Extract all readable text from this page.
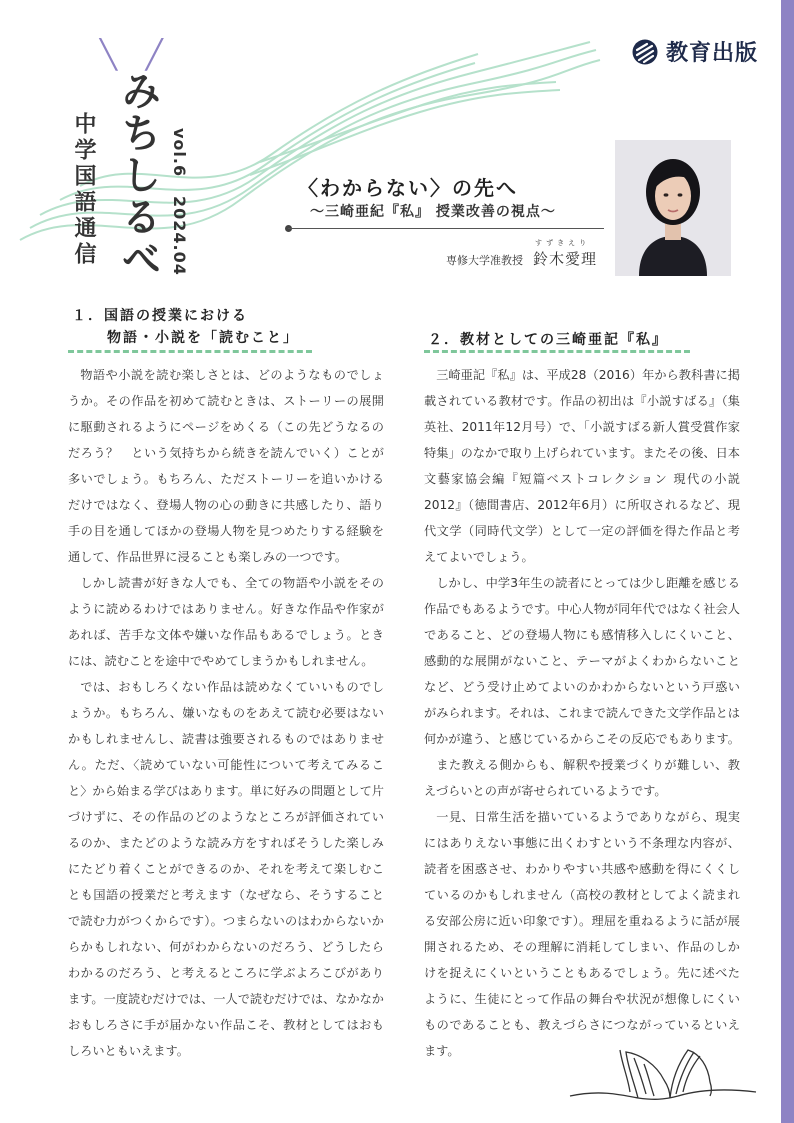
╲ ╱
みちしるべ
中学国語通信	vol.6 2024.04
教育出版
〈わからない〉の先へ
〜三崎亜紀『私』 授業改善の視点〜
専修大学准教授
すずきえり
鈴木愛理
１．国語の授業における
物語・小説を「読むこと」	２．教材としての三崎亜記『私』

物語や小説を読む楽しさとは、どのようなものでしょうか。その作品を初めて読むときは、ストーリーの展開に駆動されるようにページをめくる（この先どうなるのだろう？　という気持ちから続きを読んでいく）ことが多いでしょう。もちろん、ただストーリーを追いかけるだけではなく、登場人物の心の動きに共感したり、語り手の目を通してほかの登場人物を見つめたりする経験を通して、作品世界に浸ることも楽しみの一つです。

しかし読書が好きな人でも、全ての物語や小説をそのように読めるわけではありません。好きな作品や作家があれば、苦手な文体や嫌いな作品もあるでしょう。ときには、読むことを途中でやめてしまうかもしれません。

では、おもしろくない作品は読めなくていいものでしょうか。もちろん、嫌いなものをあえて読む必要はないかもしれませんし、読書は強要されるものではありません。ただ、〈読めていない可能性について考えてみること〉から始まる学びはあります。単に好みの問題として片づけずに、その作品のどのようなところが評価されているのか、またどのような読み方をすればそうした楽しみにたどり着くことができるのか、それを考えて楽しむことも国語の授業だと考えます（なぜなら、そうすることで読む力がつくからです）。つまらないのはわからないからかもしれない、何がわからないのだろう、どうしたらわかるのだろう、と考えるところに学ぶよろこびがあります。一度読むだけでは、一人で読むだけでは、なかなかおもしろさに手が届かない作品こそ、教材としてはおもしろいともいえます。

三崎亜記『私』は、平成28（2016）年から教科書に掲載されている教材です。作品の初出は『小説すばる』（集英社、2011年12月号）で、「小説すばる新人賞受賞作家特集」のなかで取り上げられています。またその後、日本文藝家協会編『短篇ベストコレクション 現代の小説 2012』（徳間書店、2012年6月）に所収されるなど、現代文学（同時代文学）として一定の評価を得た作品と考えてよいでしょう。

しかし、中学3年生の読者にとっては少し距離を感じる作品でもあるようです。中心人物が同年代ではなく社会人であること、どの登場人物にも感情移入しにくいこと、感動的な展開がないこと、テーマがよくわからないことなど、どう受け止めてよいのかわからないという戸惑いがみられます。それは、これまで読んできた文学作品とは何かが違う、と感じているからこその反応でもあります。

また教える側からも、解釈や授業づくりが難しい、教えづらいとの声が寄せられているようです。

一見、日常生活を描いているようでありながら、現実にはありえない事態に出くわすという不条理な内容が、読者を困惑させ、わかりやすい共感や感動を得にくくしているのかもしれません（高校の教材としてよく読まれる安部公房に近い印象です）。理屈を重ねるように話が展開されるため、その理解に消耗してしまい、作品のしかけを捉えにくいということもあるでしょう。先に述べたように、生徒にとって作品の舞台や状況が想像しにくいものであることも、教えづらさにつながっているといえます。
